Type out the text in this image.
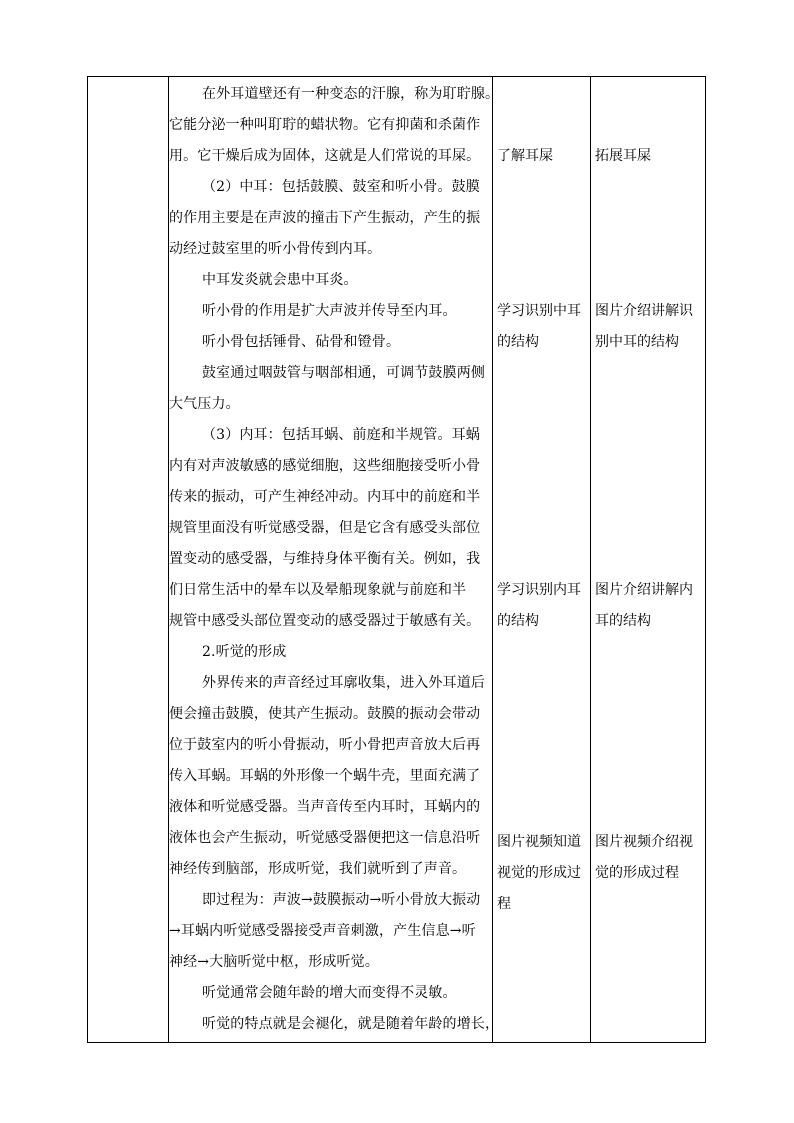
在外耳道壁还有一种变态的汗腺，称为耵聍腺。
它能分泌一种叫耵聍的蜡状物。它有抑菌和杀菌作
用。它干燥后成为固体，这就是人们常说的耳屎。
（2）中耳：包括鼓膜、鼓室和听小骨。鼓膜
的作用主要是在声波的撞击下产生振动，产生的振
动经过鼓室里的听小骨传到内耳。
中耳发炎就会患中耳炎。
听小骨的作用是扩大声波并传导至内耳。
听小骨包括锤骨、砧骨和镫骨。
鼓室通过咽鼓管与咽部相通，可调节鼓膜两侧
大气压力。
（3）内耳：包括耳蜗、前庭和半规管。耳蜗
内有对声波敏感的感觉细胞，这些细胞接受听小骨
传来的振动，可产生神经冲动。内耳中的前庭和半
规管里面没有听觉感受器，但是它含有感受头部位
置变动的感受器，与维持身体平衡有关。例如，我
们日常生活中的晕车以及晕船现象就与前庭和半
规管中感受头部位置变动的感受器过于敏感有关。
2.听觉的形成
外界传来的声音经过耳廓收集，进入外耳道后
便会撞击鼓膜，使其产生振动。鼓膜的振动会带动
位于鼓室内的听小骨振动，听小骨把声音放大后再
传入耳蜗。耳蜗的外形像一个蜗牛壳，里面充满了
液体和听觉感受器。当声音传至内耳时，耳蜗内的
液体也会产生振动，听觉感受器便把这一信息沿听
神经传到脑部，形成听觉，我们就听到了声音。
即过程为：声波→鼓膜振动→听小骨放大振动
→耳蜗内听觉感受器接受声音刺激，产生信息→听
神经→大脑听觉中枢，形成听觉。
听觉通常会随年龄的增大而变得不灵敏。
听觉的特点就是会褪化，就是随着年龄的增长，
了解耳屎
学习识别中耳
的结构
学习识别内耳
的结构
图片视频知道
视觉的形成过
程
拓展耳屎
图片介绍讲解识
别中耳的结构
图片介绍讲解内
耳的结构
图片视频介绍视
觉的形成过程
